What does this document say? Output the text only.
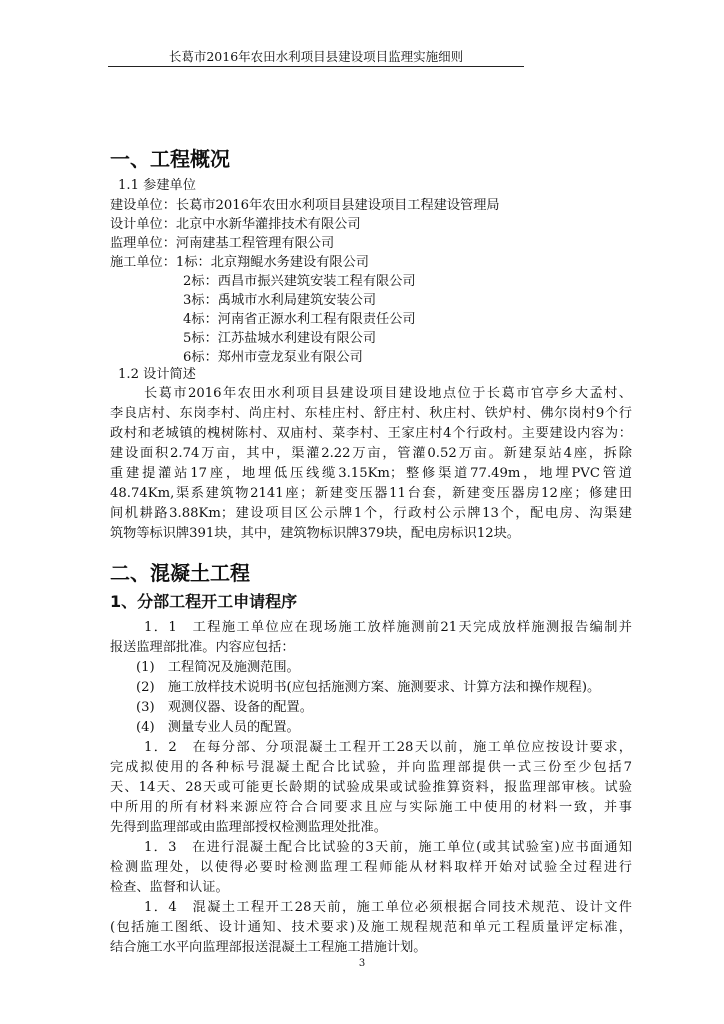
长葛市2016年农田水利项目县建设项目监理实施细则
一、工程概况
1.1 参建单位
建设单位：长葛市2016年农田水利项目县建设项目工程建设管理局
设计单位：北京中水新华灌排技术有限公司
监理单位：河南建基工程管理有限公司
施工单位：1标：北京翔鲲水务建设有限公司
2标：西昌市振兴建筑安装工程有限公司
3标：禹城市水利局建筑安装公司
4标：河南省正源水利工程有限责任公司
5标：江苏盐城水利建设有限公司
6标：郑州市壹龙泵业有限公司
1.2 设计简述
长葛市2016年农田水利项目县建设项目建设地点位于长葛市官亭乡大孟村、
李良店村、东岗李村、尚庄村、东桂庄村、舒庄村、秋庄村、铁炉村、佛尔岗村9个行
政村和老城镇的槐树陈村、双庙村、菜李村、王家庄村4个行政村。主要建设内容为：
建设面积2.74万亩，其中，渠灌2.22万亩，管灌0.52万亩。新建泵站4座，拆除
重建提灌站17座，地埋低压线缆3.15Km；整修渠道77.49m，地埋PVC管道
48.74Km,渠系建筑物2141座；新建变压器11台套，新建变压器房12座；修建田
间机耕路3.88Km；建设项目区公示牌1个，行政村公示牌13个，配电房、沟渠建
筑物等标识牌391块，其中，建筑物标识牌379块，配电房标识12块。
二、混凝土工程
1、分部工程开工申请程序
1．1　工程施工单位应在现场施工放样施测前21天完成放样施测报告编制并
报送监理部批准。内容应包括：
(1)　工程简况及施测范围。
(2)　施工放样技术说明书(应包括施测方案、施测要求、计算方法和操作规程)。
(3)　观测仪器、设备的配置。
(4)　测量专业人员的配置。
1．2　在每分部、分项混凝土工程开工28天以前，施工单位应按设计要求，
完成拟使用的各种标号混凝土配合比试验，并向监理部提供一式三份至少包括7
天、14天、28天或可能更长龄期的试验成果或试验推算资料，报监理部审核。试验
中所用的所有材料来源应符合合同要求且应与实际施工中使用的材料一致，并事
先得到监理部或由监理部授权检测监理处批准。
1．3　在进行混凝土配合比试验的3天前，施工单位(或其试验室)应书面通知
检测监理处，以使得必要时检测监理工程师能从材料取样开始对试验全过程进行
检查、监督和认证。
1．4　混凝土工程开工28天前，施工单位必须根据合同技术规范、设计文件
(包括施工图纸、设计通知、技术要求)及施工规程规范和单元工程质量评定标准，
结合施工水平向监理部报送混凝土工程施工措施计划。
3
